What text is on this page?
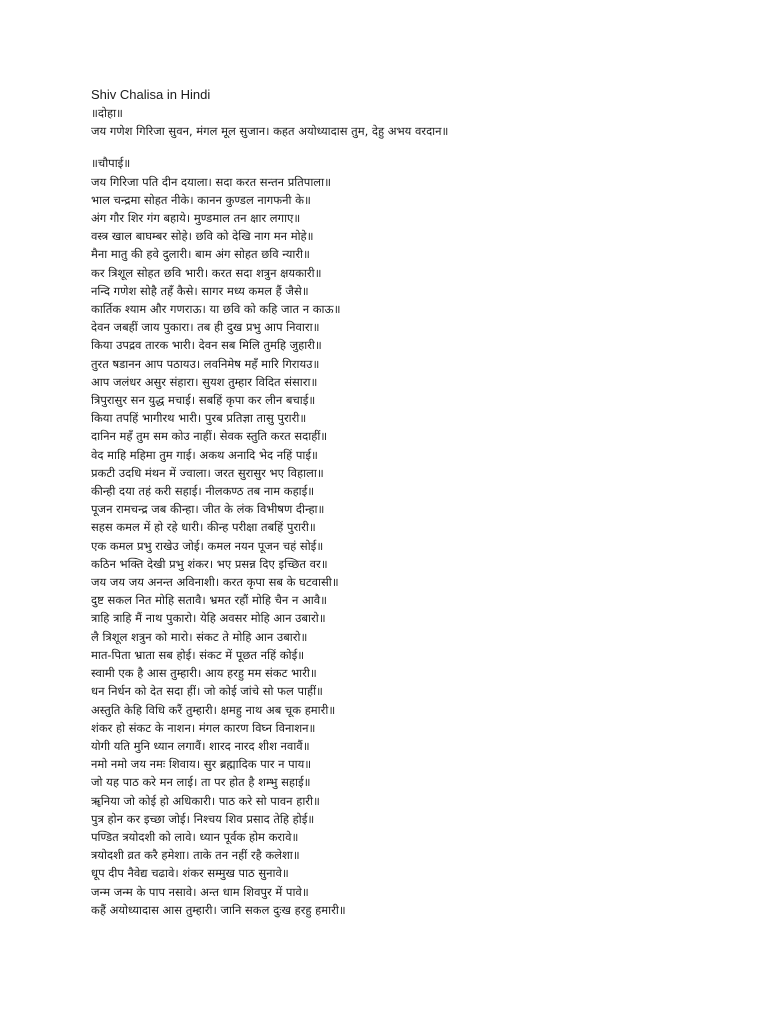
Shiv Chalisa in Hindi

॥दोहा॥

जय गणेश गिरिजा सुवन, मंगल मूल सुजान। कहत अयोध्यादास तुम, देहु अभय वरदान॥

॥चौपाई॥

जय गिरिजा पति दीन दयाला। सदा करत सन्तन प्रतिपाला॥

भाल चन्द्रमा सोहत नीके। कानन कुण्डल नागफनी के॥

अंग गौर शिर गंग बहाये। मुण्डमाल तन क्षार लगाए॥

वस्त्र खाल बाघम्बर सोहे। छवि को देखि नाग मन मोहे॥

मैना मातु की हवे दुलारी। बाम अंग सोहत छवि न्यारी॥

कर त्रिशूल सोहत छवि भारी। करत सदा शत्रुन क्षयकारी॥

नन्दि गणेश सोहै तहँ कैसे। सागर मध्य कमल हैं जैसे॥

कार्तिक श्याम और गणराऊ। या छवि को कहि जात न काऊ॥

देवन जबहीं जाय पुकारा। तब ही दुख प्रभु आप निवारा॥

किया उपद्रव तारक भारी। देवन सब मिलि तुमहि जुहारी॥

तुरत षडानन आप पठायउ। लवनिमेष महँ मारि गिरायउ॥

आप जलंधर असुर संहारा। सुयश तुम्हार विदित संसारा॥

त्रिपुरासुर सन युद्ध मचाई। सबहिं कृपा कर लीन बचाई॥

किया तपहिं भागीरथ भारी। पुरब प्रतिज्ञा तासु पुरारी॥

दानिन महँ तुम सम कोउ नाहीं। सेवक स्तुति करत सदाहीं॥

वेद माहि महिमा तुम गाई। अकथ अनादि भेद नहिं पाई॥

प्रकटी उदधि मंथन में ज्वाला। जरत सुरासुर भए विहाला॥

कीन्ही दया तहं करी सहाई। नीलकण्ठ तब नाम कहाई॥

पूजन रामचन्द्र जब कीन्हा। जीत के लंक विभीषण दीन्हा॥

सहस कमल में हो रहे धारी। कीन्ह परीक्षा तबहिं पुरारी॥

एक कमल प्रभु राखेउ जोई। कमल नयन पूजन चहं सोई॥

कठिन भक्ति देखी प्रभु शंकर। भए प्रसन्न दिए इच्छित वर॥

जय जय जय अनन्त अविनाशी। करत कृपा सब के घटवासी॥

दुष्ट सकल नित मोहि सतावै। भ्रमत रहौं मोहि चैन न आवै॥

त्राहि त्राहि मैं नाथ पुकारो। येहि अवसर मोहि आन उबारो॥

लै त्रिशूल शत्रुन को मारो। संकट ते मोहि आन उबारो॥

मात-पिता भ्राता सब होई। संकट में पूछत नहिं कोई॥

स्वामी एक है आस तुम्हारी। आय हरहु मम संकट भारी॥

धन निर्धन को देत सदा हीं। जो कोई जांचे सो फल पाहीं॥

अस्तुति केहि विधि करैं तुम्हारी। क्षमहु नाथ अब चूक हमारी॥

शंकर हो संकट के नाशन। मंगल कारण विघ्न विनाशन॥

योगी यति मुनि ध्यान लगावैं। शारद नारद शीश नवावैं॥

नमो नमो जय नमः शिवाय। सुर ब्रह्मादिक पार न पाय॥

जो यह पाठ करे मन लाई। ता पर होत है शम्भु सहाई॥

ॠनिया जो कोई हो अधिकारी। पाठ करे सो पावन हारी॥

पुत्र होन कर इच्छा जोई। निश्चय शिव प्रसाद तेहि होई॥

पण्डित त्रयोदशी को लावे। ध्यान पूर्वक होम करावे॥

त्रयोदशी व्रत करै हमेशा। ताके तन नहीं रहै कलेशा॥

धूप दीप नैवेद्य चढावे। शंकर सम्मुख पाठ सुनावे॥

जन्म जन्म के पाप नसावे। अन्त धाम शिवपुर में पावे॥

कहैं अयोध्यादास आस तुम्हारी। जानि सकल दुःख हरहु हमारी॥
